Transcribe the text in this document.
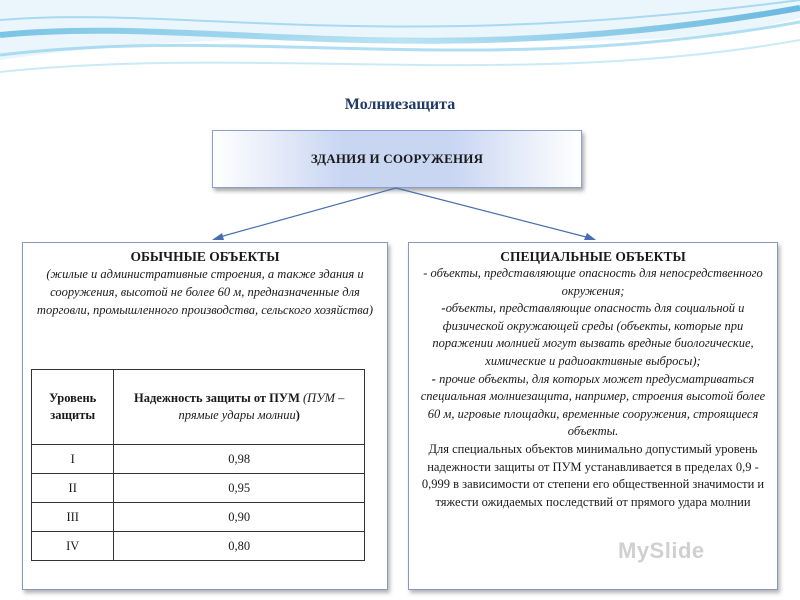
Молниезащита
ЗДАНИЯ И СООРУЖЕНИЯ
ОБЫЧНЫЕ ОБЪЕКТЫ
(жилые и административные строения, а также здания и сооружения, высотой не более 60 м, предназначенные для торговли, промышленного производства, сельского хозяйства)
Уровень защиты	Надежность защиты от ПУМ (ПУМ – прямые удары молнии)
I	0,98
II	0,95
III	0,90
IV	0,80
СПЕЦИАЛЬНЫЕ ОБЪЕКТЫ
- объекты, представляющие опасность для непосредственного окружения;
-объекты, представляющие опасность для социальной и физической окружающей среды (объекты, которые при поражении молнией могут вызвать вредные биологические, химические и радиоактивные выбросы);
- прочие объекты, для которых может предусматриваться специальная молниезащита, например, строения высотой более 60 м, игровые площадки, временные сооружения, строящиеся объекты.
Для специальных объектов минимально допустимый уровень надежности защиты от ПУМ устанавливается в пределах 0,9 - 0,999 в зависимости от степени его общественной значимости и тяжести ожидаемых последствий от прямого удара молнии
MySlide
